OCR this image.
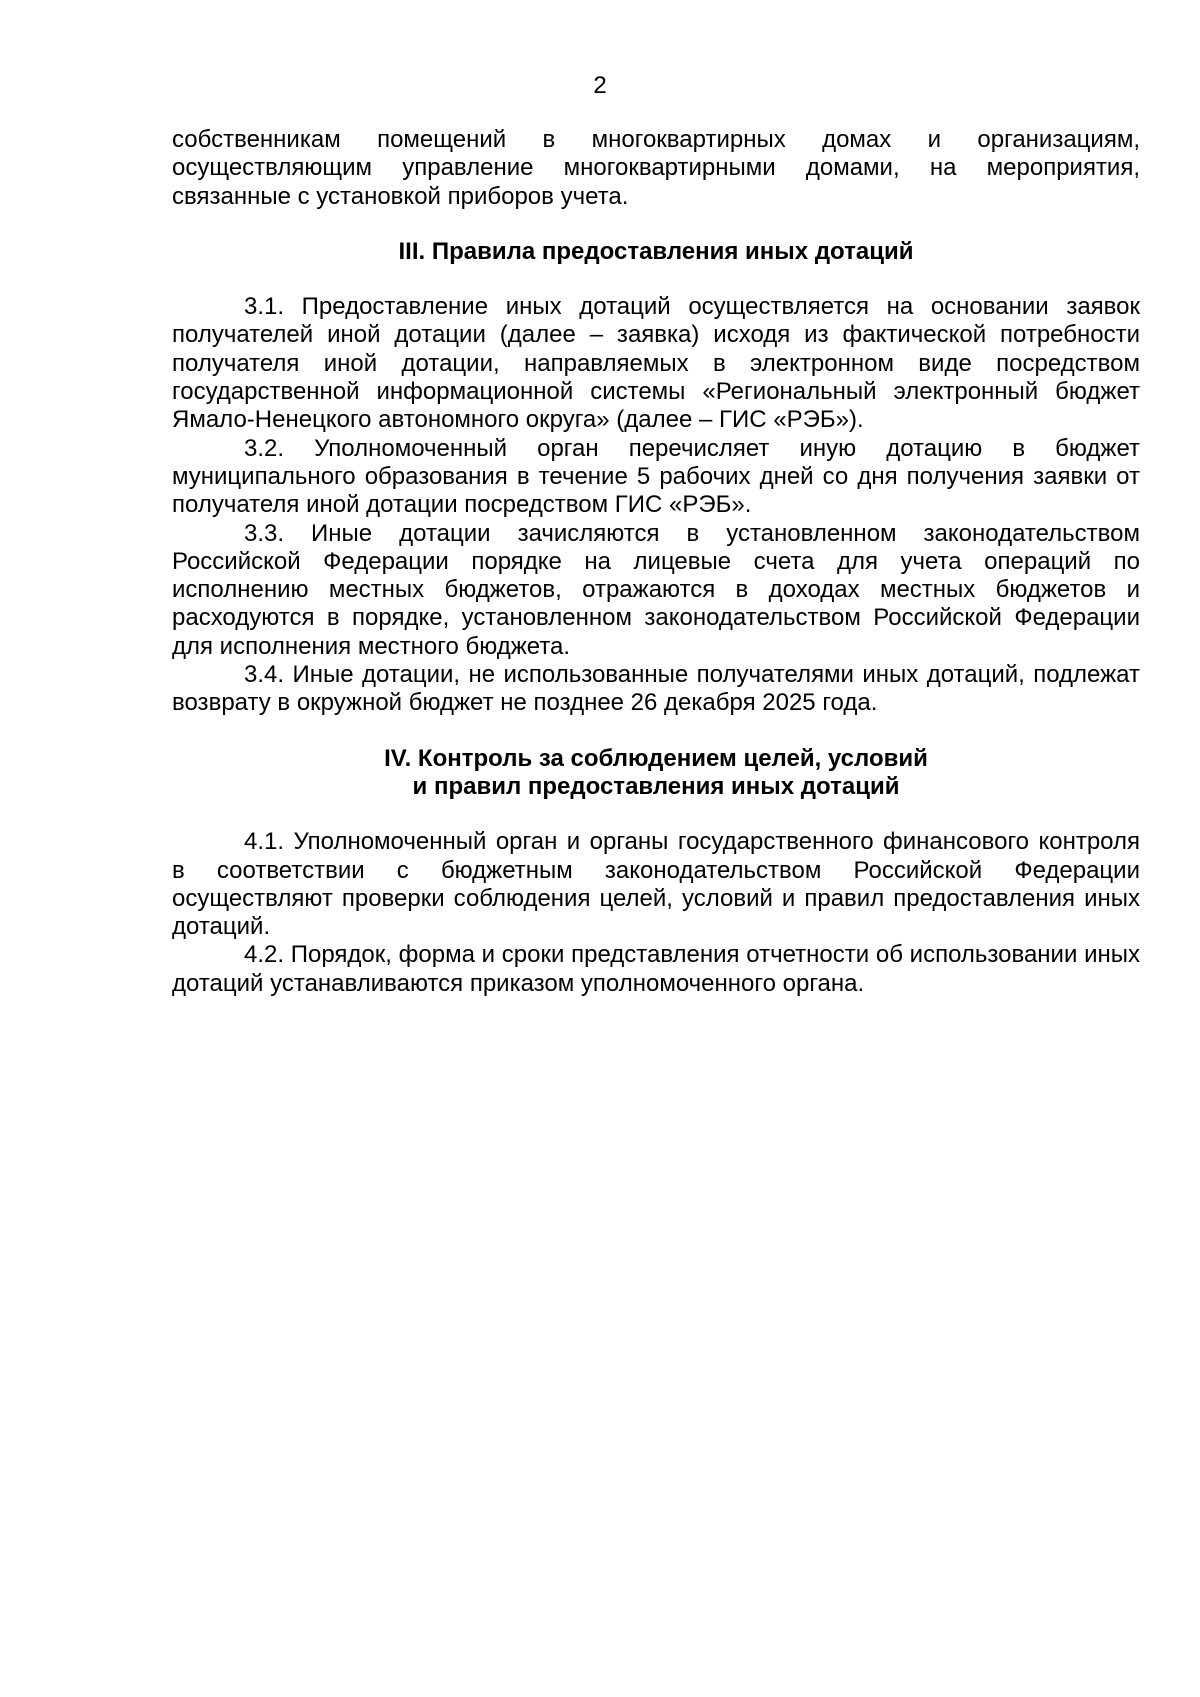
2

собственникам помещений в многоквартирных домах и организациям, осуществляющим управление многоквартирными домами, на мероприятия, связанные с установкой приборов учета.

III. Правила предоставления иных дотаций

3.1. Предоставление иных дотаций осуществляется на основании заявок получателей иной дотации (далее – заявка) исходя из фактической потребности получателя иной дотации, направляемых в электронном виде посредством государственной информационной системы «Региональный электронный бюджет Ямало-Ненецкого автономного округа» (далее – ГИС «РЭБ»).

3.2. Уполномоченный орган перечисляет иную дотацию в бюджет муниципального образования в течение 5 рабочих дней со дня получения заявки от получателя иной дотации посредством ГИС «РЭБ».

3.3. Иные дотации зачисляются в установленном законодательством Российской Федерации порядке на лицевые счета для учета операций по исполнению местных бюджетов, отражаются в доходах местных бюджетов и расходуются в порядке, установленном законодательством Российской Федерации для исполнения местного бюджета.

3.4. Иные дотации, не использованные получателями иных дотаций, подлежат возврату в окружной бюджет не позднее 26 декабря 2025 года.

IV. Контроль за соблюдением целей, условий
и правил предоставления иных дотаций

4.1. Уполномоченный орган и органы государственного финансового контроля в соответствии с бюджетным законодательством Российской Федерации осуществляют проверки соблюдения целей, условий и правил предоставления иных дотаций.

4.2. Порядок, форма и сроки представления отчетности об использовании иных дотаций устанавливаются приказом уполномоченного органа.
